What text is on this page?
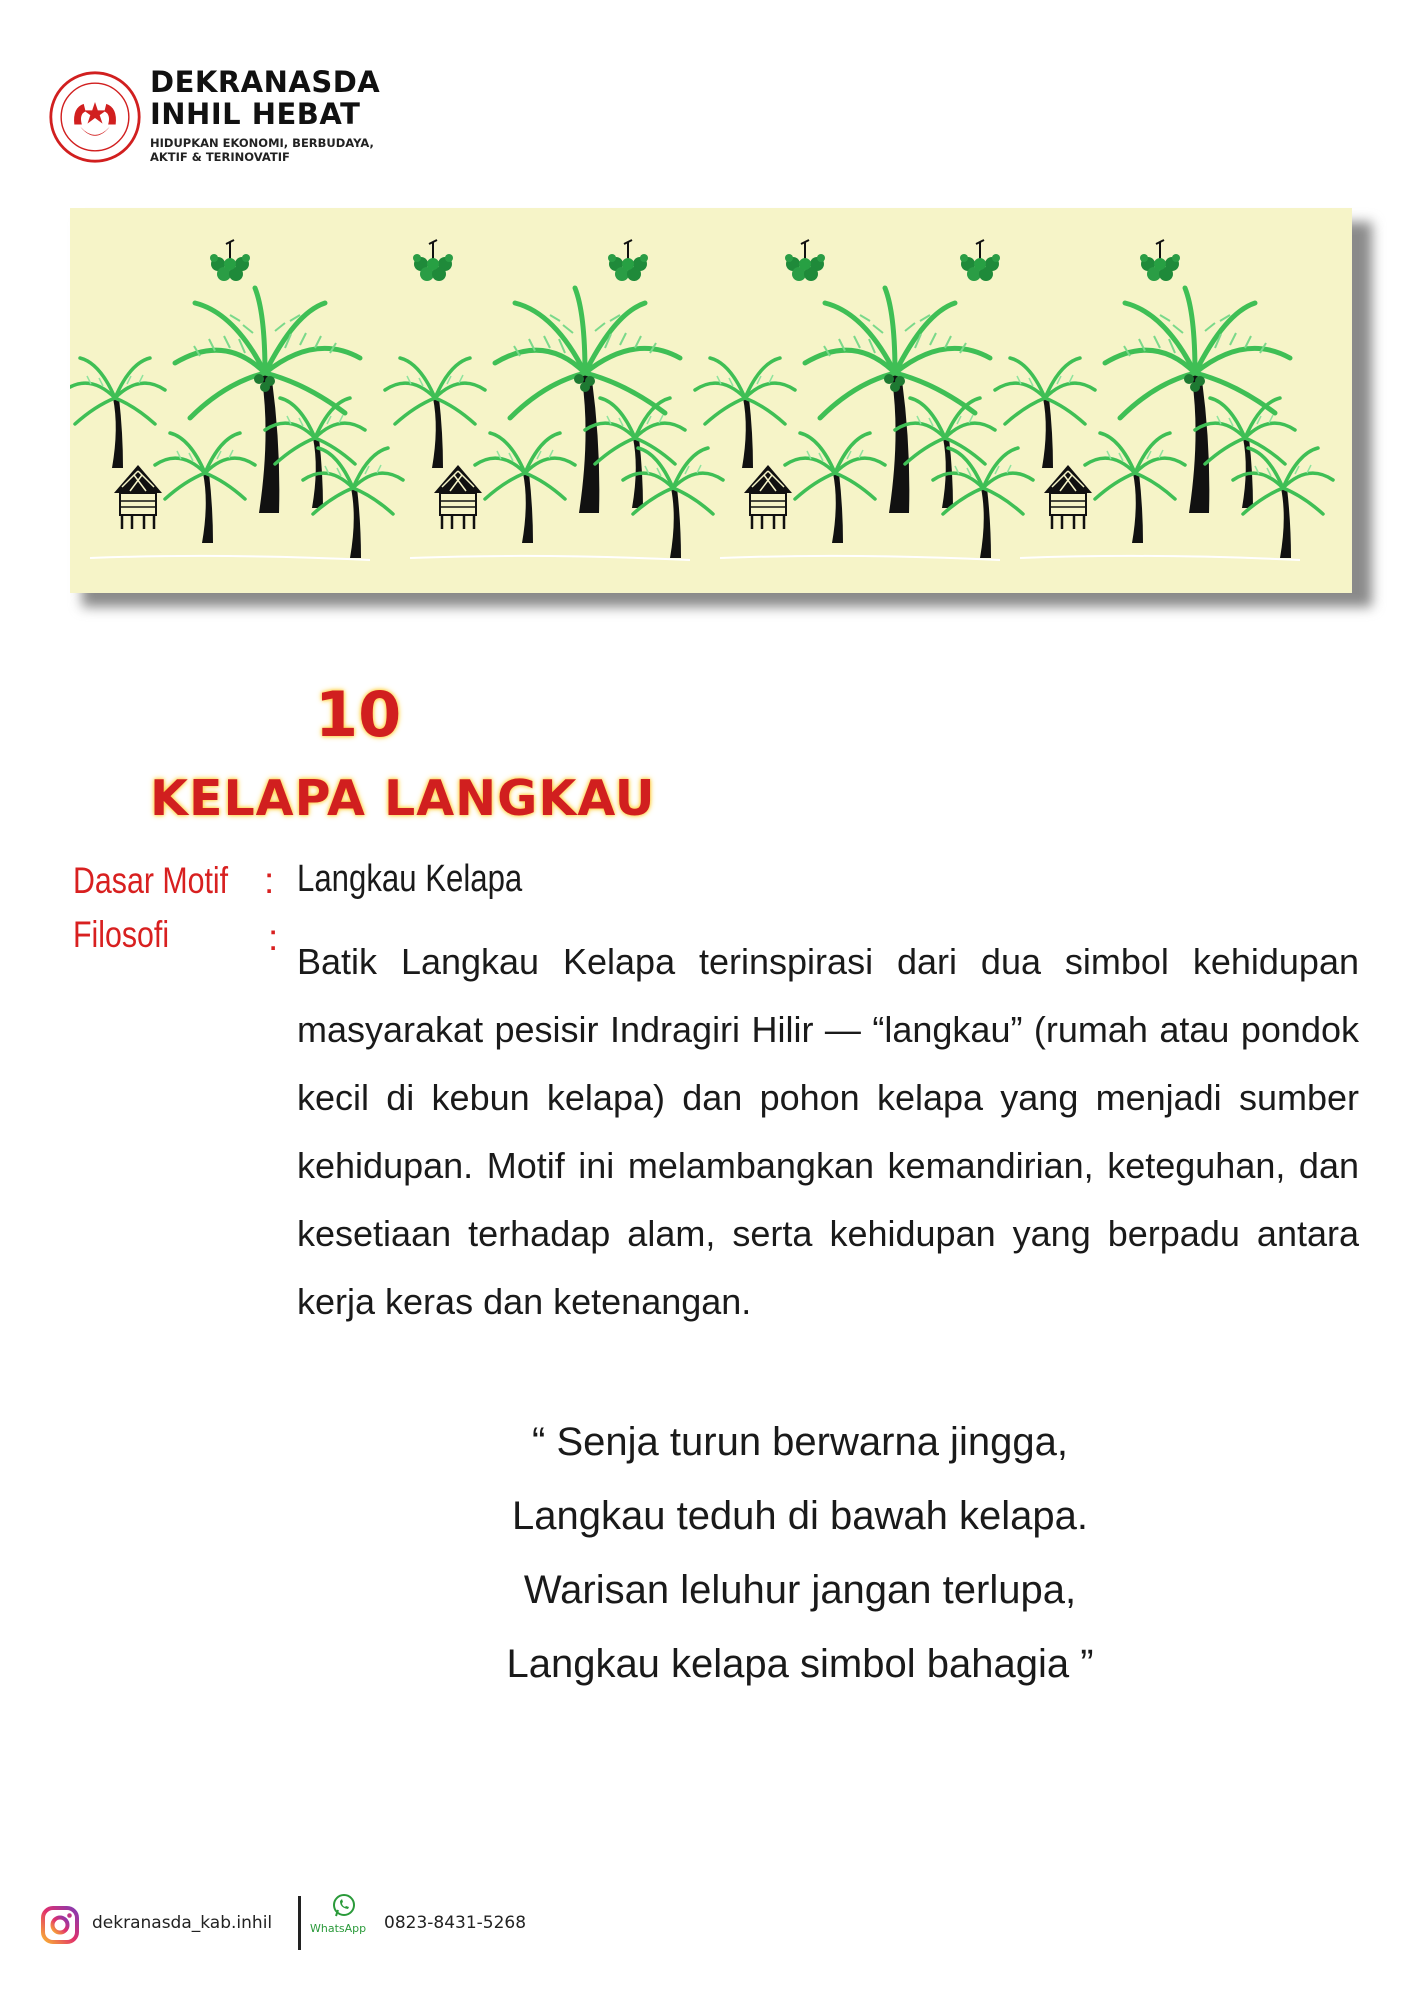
DEKRANASDA
INHIL HEBAT
HIDUPKAN EKONOMI, BERBUDAYA,
AKTIF & TERINOVATIF
10
KELAPA LANGKAU
Dasar Motif : Langkau Kelapa
Filosofi	:
Batik Langkau Kelapa terinspirasi dari dua simbol kehidupan masyarakat pesisir Indragiri Hilir — “langkau” (rumah atau pondok kecil di kebun kelapa) dan pohon kelapa yang menjadi sumber kehidupan. Motif ini melambangkan kemandirian, keteguhan, dan kesetiaan terhadap alam, serta kehidupan yang berpadu antara kerja keras dan ketenangan.
“ Senja turun berwarna jingga,
Langkau teduh di bawah kelapa.
Warisan leluhur jangan terlupa,
Langkau kelapa simbol bahagia ”
dekranasda_kab.inhil	WhatsApp 0823-8431-5268
